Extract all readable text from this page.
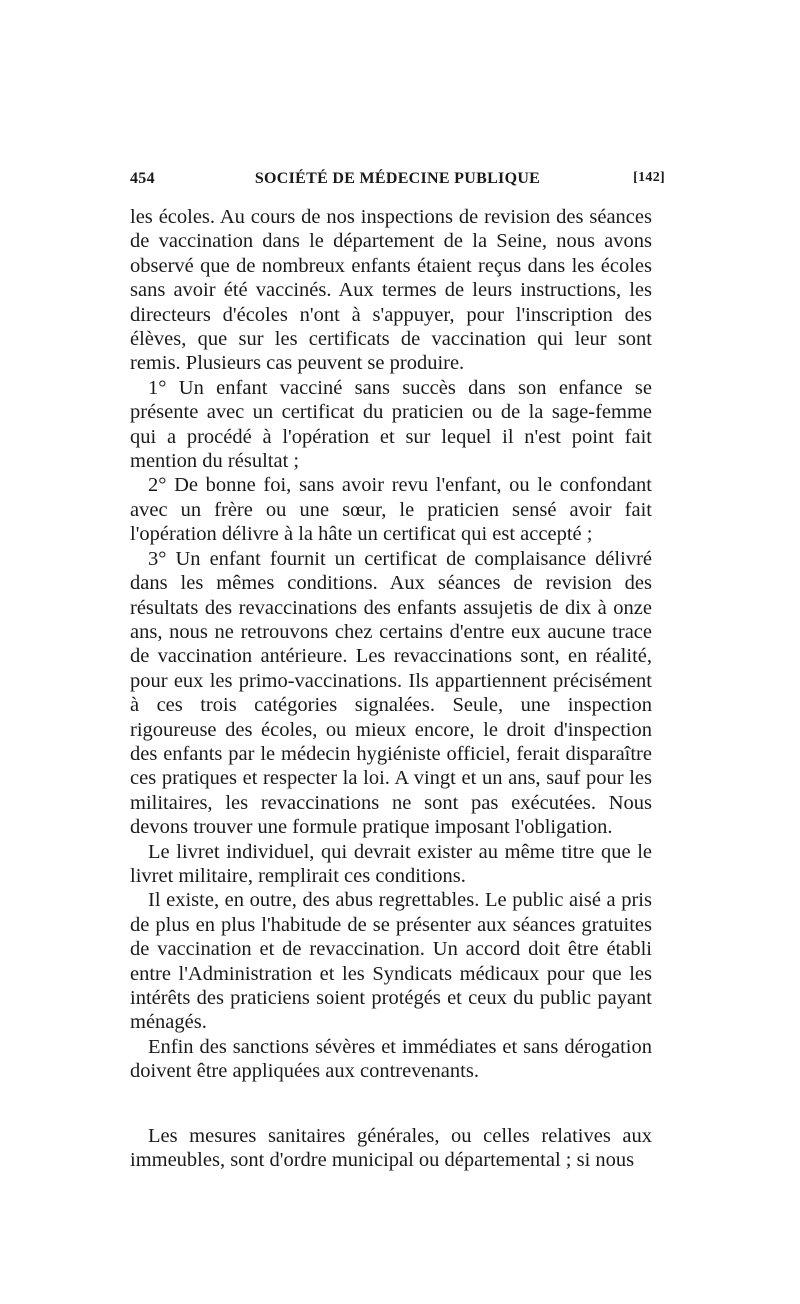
454	SOCIÉTÉ DE MÉDECINE PUBLIQUE	[142]

les écoles. Au cours de nos inspections de revision des séances de vaccination dans le département de la Seine, nous avons observé que de nombreux enfants étaient reçus dans les écoles sans avoir été vaccinés. Aux termes de leurs instructions, les directeurs d'écoles n'ont à s'appuyer, pour l'inscription des élèves, que sur les certificats de vaccination qui leur sont remis. Plusieurs cas peuvent se produire.

1° Un enfant vacciné sans succès dans son enfance se présente avec un certificat du praticien ou de la sage-femme qui a procédé à l'opération et sur lequel il n'est point fait mention du résultat ;

2° De bonne foi, sans avoir revu l'enfant, ou le confondant avec un frère ou une sœur, le praticien sensé avoir fait l'opération délivre à la hâte un certificat qui est accepté ;

3° Un enfant fournit un certificat de complaisance délivré dans les mêmes conditions. Aux séances de revision des résultats des revaccinations des enfants assujetis de dix à onze ans, nous ne retrouvons chez certains d'entre eux aucune trace de vaccination antérieure. Les revaccinations sont, en réalité, pour eux les primo-vaccinations. Ils appartiennent précisément à ces trois catégories signalées. Seule, une inspection rigoureuse des écoles, ou mieux encore, le droit d'inspection des enfants par le médecin hygiéniste officiel, ferait disparaître ces pratiques et respecter la loi. A vingt et un ans, sauf pour les militaires, les revaccinations ne sont pas exécutées. Nous devons trouver une formule pratique imposant l'obligation.

Le livret individuel, qui devrait exister au même titre que le livret militaire, remplirait ces conditions.

Il existe, en outre, des abus regrettables. Le public aisé a pris de plus en plus l'habitude de se présenter aux séances gratuites de vaccination et de revaccination. Un accord doit être établi entre l'Administration et les Syndicats médicaux pour que les intérêts des praticiens soient protégés et ceux du public payant ménagés.

Enfin des sanctions sévères et immédiates et sans dérogation doivent être appliquées aux contrevenants.

Les mesures sanitaires générales, ou celles relatives aux immeubles, sont d'ordre municipal ou départemental ; si nous
